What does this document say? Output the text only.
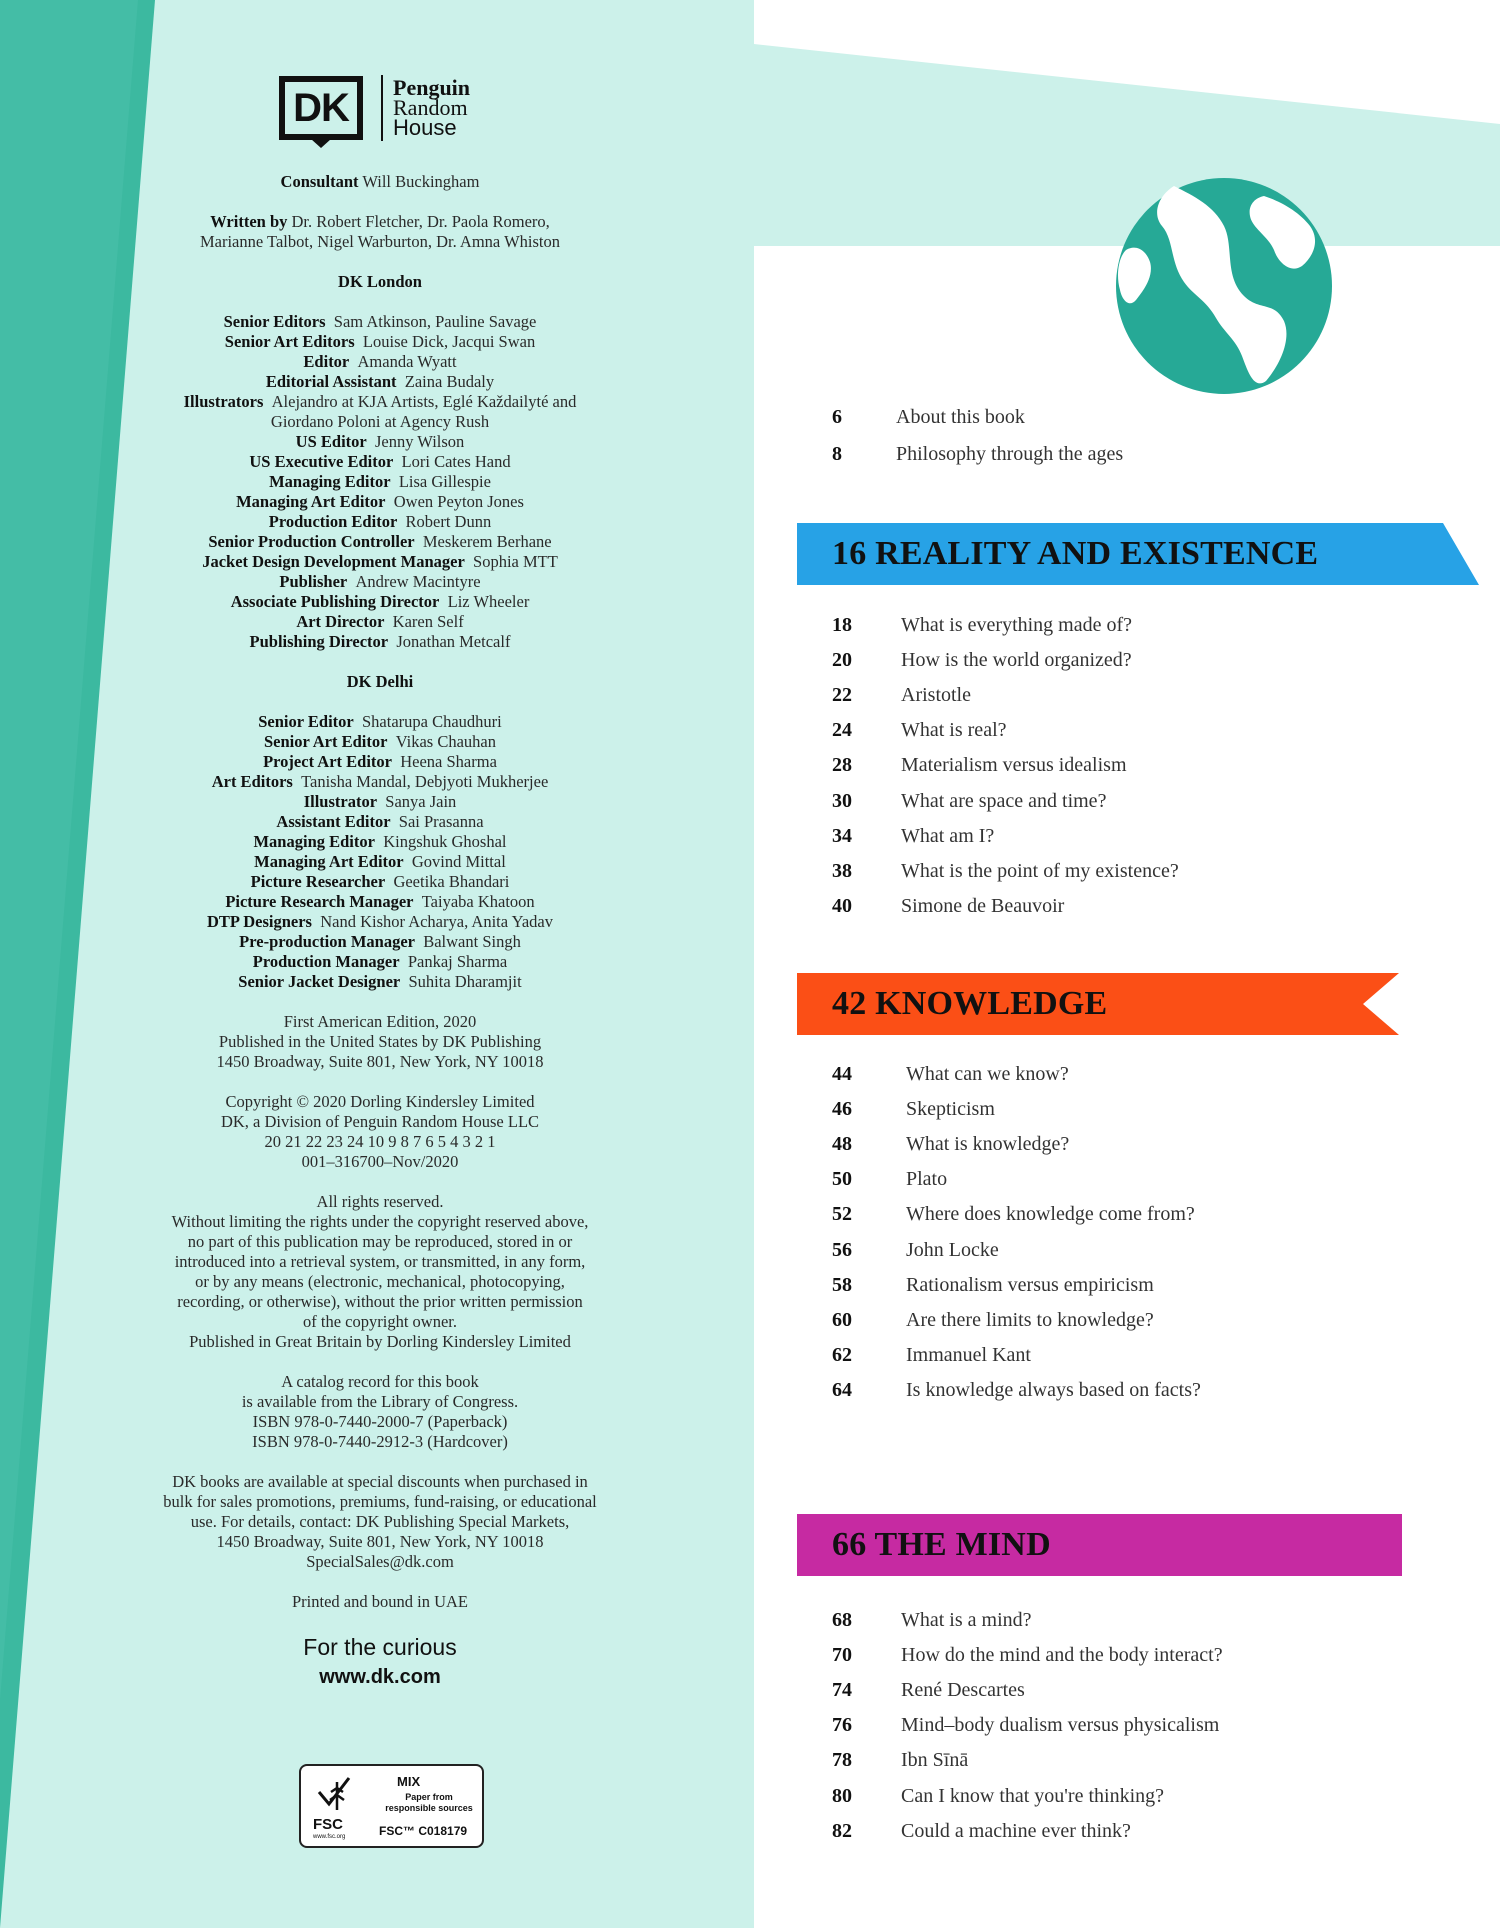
DK Penguin
Random
House

Consultant Will Buckingham

Written by Dr. Robert Fletcher, Dr. Paola Romero,

Marianne Talbot, Nigel Warburton, Dr. Amna Whiston

DK London

Senior Editors Sam Atkinson, Pauline Savage

Senior Art Editors Louise Dick, Jacqui Swan

Editor Amanda Wyatt

Editorial Assistant Zaina Budaly

Illustrators Alejandro at KJA Artists, Eglé Každailyté and

Giordano Poloni at Agency Rush

US Editor Jenny Wilson

US Executive Editor Lori Cates Hand

Managing Editor Lisa Gillespie

Managing Art Editor Owen Peyton Jones

Production Editor Robert Dunn

Senior Production Controller Meskerem Berhane

Jacket Design Development Manager Sophia MTT

Publisher Andrew Macintyre

Associate Publishing Director Liz Wheeler

Art Director Karen Self

Publishing Director Jonathan Metcalf

DK Delhi

Senior Editor Shatarupa Chaudhuri

Senior Art Editor Vikas Chauhan

Project Art Editor Heena Sharma

Art Editors Tanisha Mandal, Debjyoti Mukherjee

Illustrator Sanya Jain

Assistant Editor Sai Prasanna

Managing Editor Kingshuk Ghoshal

Managing Art Editor Govind Mittal

Picture Researcher Geetika Bhandari

Picture Research Manager Taiyaba Khatoon

DTP Designers Nand Kishor Acharya, Anita Yadav

Pre-production Manager Balwant Singh

Production Manager Pankaj Sharma

Senior Jacket Designer Suhita Dharamjit

First American Edition, 2020

Published in the United States by DK Publishing

1450 Broadway, Suite 801, New York, NY 10018

Copyright © 2020 Dorling Kindersley Limited

DK, a Division of Penguin Random House LLC

20 21 22 23 24 10 9 8 7 6 5 4 3 2 1

001–316700–Nov/2020

All rights reserved.

Without limiting the rights under the copyright reserved above,

no part of this publication may be reproduced, stored in or

introduced into a retrieval system, or transmitted, in any form,

or by any means (electronic, mechanical, photocopying,

recording, or otherwise), without the prior written permission

of the copyright owner.

Published in Great Britain by Dorling Kindersley Limited

A catalog record for this book

is available from the Library of Congress.

ISBN 978-0-7440-2000-7 (Paperback)

ISBN 978-0-7440-2912-3 (Hardcover)

DK books are available at special discounts when purchased in

bulk for sales promotions, premiums, fund-raising, or educational

use. For details, contact: DK Publishing Special Markets,

1450 Broadway, Suite 801, New York, NY 10018

SpecialSales@dk.com

Printed and bound in UAE

For the curious

www.dk.com

FSC
www.fsc.org
MIX
Paper from
responsible sources
FSC™ C018179
6	About this book
8	Philosophy through the ages
16 REALITY AND EXISTENCE
18 What is everything made of?
20 How is the world organized?
22 Aristotle
24 What is real?
28 Materialism versus idealism
30 What are space and time?
34 What am I?
38 What is the point of my existence?
40 Simone de Beauvoir
42 KNOWLEDGE
44	What can we know?
46	Skepticism
48	What is knowledge?
50	Plato
52	Where does knowledge come from?
56	John Locke
58	Rationalism versus empiricism
60	Are there limits to knowledge?
62	Immanuel Kant
64	Is knowledge always based on facts?
66 THE MIND
68 What is a mind?
70 How do the mind and the body interact?
74 René Descartes
76 Mind–body dualism versus physicalism
78 Ibn Sīnā
80 Can I know that you're thinking?
82 Could a machine ever think?
